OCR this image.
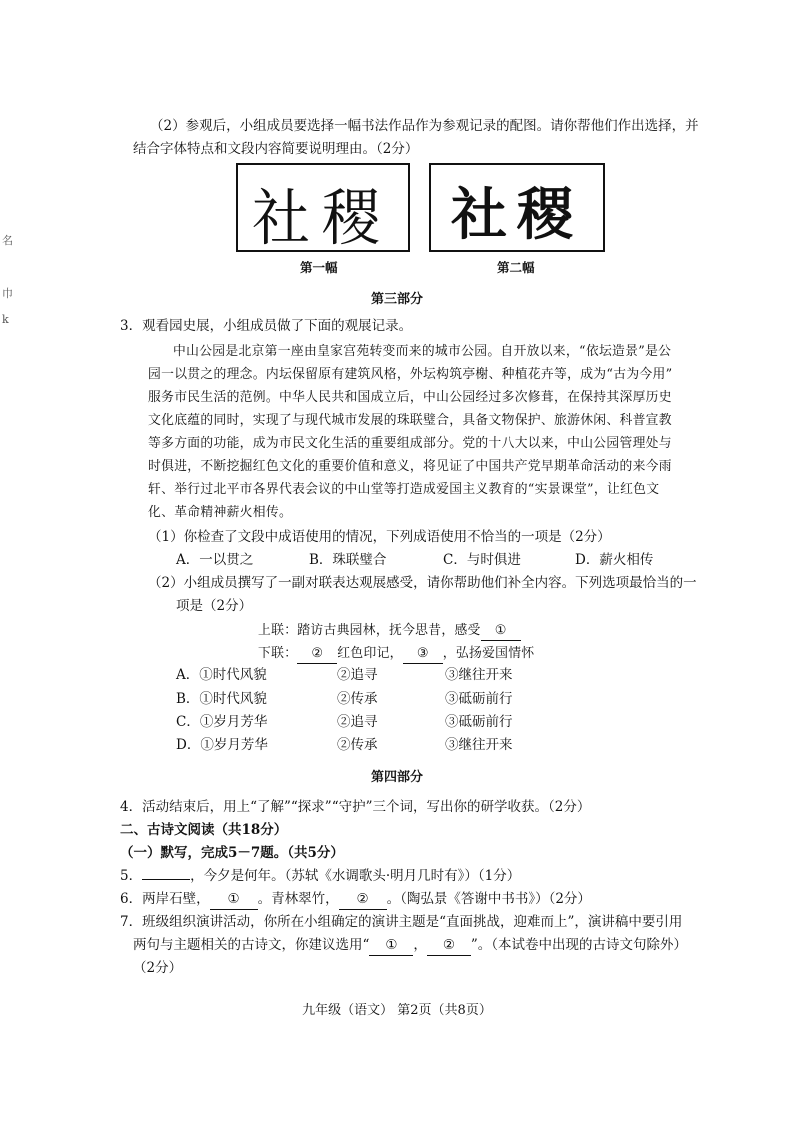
名
巾
k
（2）参观后，小组成员要选择一幅书法作品作为参观记录的配图。请你帮他们作出选择，并
结合字体特点和文段内容简要说明理由。（2分）
社稷 社稷
第一幅	第二幅
第三部分
3．观看园史展，小组成员做了下面的观展记录。
中山公园是北京第一座由皇家宫苑转变而来的城市公园。自开放以来，“依坛造景”是公
园一以贯之的理念。内坛保留原有建筑风格，外坛构筑亭榭、种植花卉等，成为“古为今用”
服务市民生活的范例。中华人民共和国成立后，中山公园经过多次修葺，在保持其深厚历史
文化底蕴的同时，实现了与现代城市发展的珠联璧合，具备文物保护、旅游休闲、科普宣教
等多方面的功能，成为市民文化生活的重要组成部分。党的十八大以来，中山公园管理处与
时俱进，不断挖掘红色文化的重要价值和意义，将见证了中国共产党早期革命活动的来今雨
轩、举行过北平市各界代表会议的中山堂等打造成爱国主义教育的“实景课堂”，让红色文
化、革命精神薪火相传。
（1）你检查了文段中成语使用的情况，下列成语使用不恰当的一项是（2分）
A．一以贯之	B．珠联璧合	C．与时俱进	D．薪火相传
（2）小组成员撰写了一副对联表达观展感受，请你帮助他们补全内容。下列选项最恰当的一
项是（2分）
上联：踏访古典园林，抚今思昔，感受 ①
下联： ② 红色印记， ③ ，弘扬爱国情怀
A．①时代风貌	②追寻	③继往开来
B．①时代风貌	②传承	③砥砺前行
C．①岁月芳华	②追寻	③砥砺前行
D．①岁月芳华	②传承	③继往开来
第四部分
4．活动结束后，用上“了解”“探求”“守护”三个词，写出你的研学收获。（2分）
二、古诗文阅读（共18分）
（一）默写，完成5－7题。（共5分）
5．	，今夕是何年。（苏轼《水调歌头·明月几时有》）（1分）
6．两岸石壁， ① 。青林翠竹， ② 。（陶弘景《答谢中书书》）（2分）
7．班级组织演讲活动，你所在小组确定的演讲主题是“直面挑战，迎难而上”，演讲稿中要引用
两句与主题相关的古诗文，你建议选用“ ① ， ② ”。（本试卷中出现的古诗文句除外）
（2分）
九年级（语文） 第2页（共8页）
